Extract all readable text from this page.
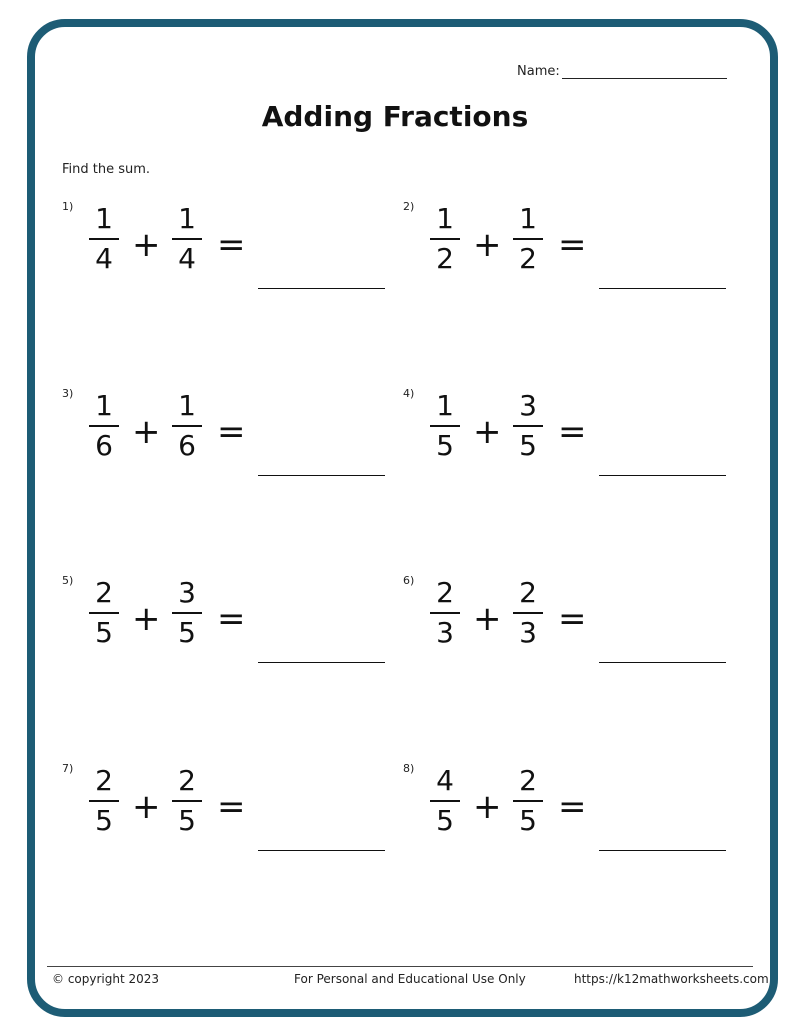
Name:
Adding Fractions
Find the sum.
1) 1
4 +
1
4 =
2) 1
2 +
1
2 =
3) 1
6 +
1
6 =
4) 1
5 +
3
5 =
5) 2
5 +
3
5 =
6) 2
3 +
2
3 =
7) 2
5 +
2
5 =
8) 4
5 +
2
5 =
© copyright 2023	For Personal and Educational Use Only	https://k12mathworksheets.com
